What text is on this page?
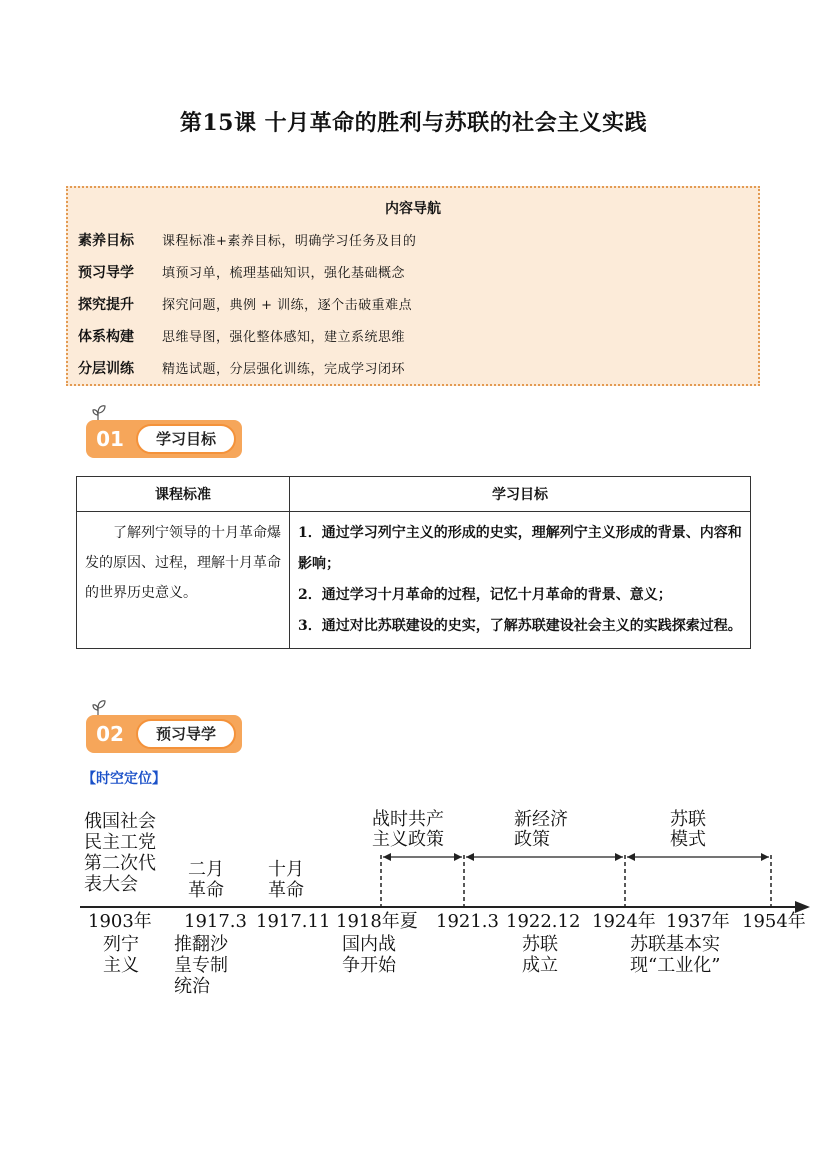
第15课 十月革命的胜利与苏联的社会主义实践
内容导航
素养目标 课程标准+素养目标，明确学习任务及目的
预习导学 填预习单，梳理基础知识，强化基础概念
探究提升 探究问题，典例 + 训练，逐个击破重难点
体系构建 思维导图，强化整体感知，建立系统思维
分层训练 精选试题，分层强化训练，完成学习闭环
01	学习目标
课程标准	学习目标

了解列宁领导的十月革命爆发的原因、过程，理解十月革命的世界历史意义。	1．通过学习列宁主义的形成的史实，理解列宁主义形成的背景、内容和影响；
2．通过学习十月革命的过程，记忆十月革命的背景、意义；
3．通过对比苏联建设的史实，了解苏联建设社会主义的实践探索过程。
02	预习导学
【时空定位】
俄国社会 民主工党 第二次代 表大会
二月 革命
十月 革命
战时共产 主义政策
新经济 政策
苏联 模式
1903年 1917.3 1917.11 1918年夏 1921.3 1922.12 1924年 1937年 1954年
列宁 主义
推翻沙 皇专制 统治
国内战 争开始
苏联 成立
苏联基本实 现“工业化”
